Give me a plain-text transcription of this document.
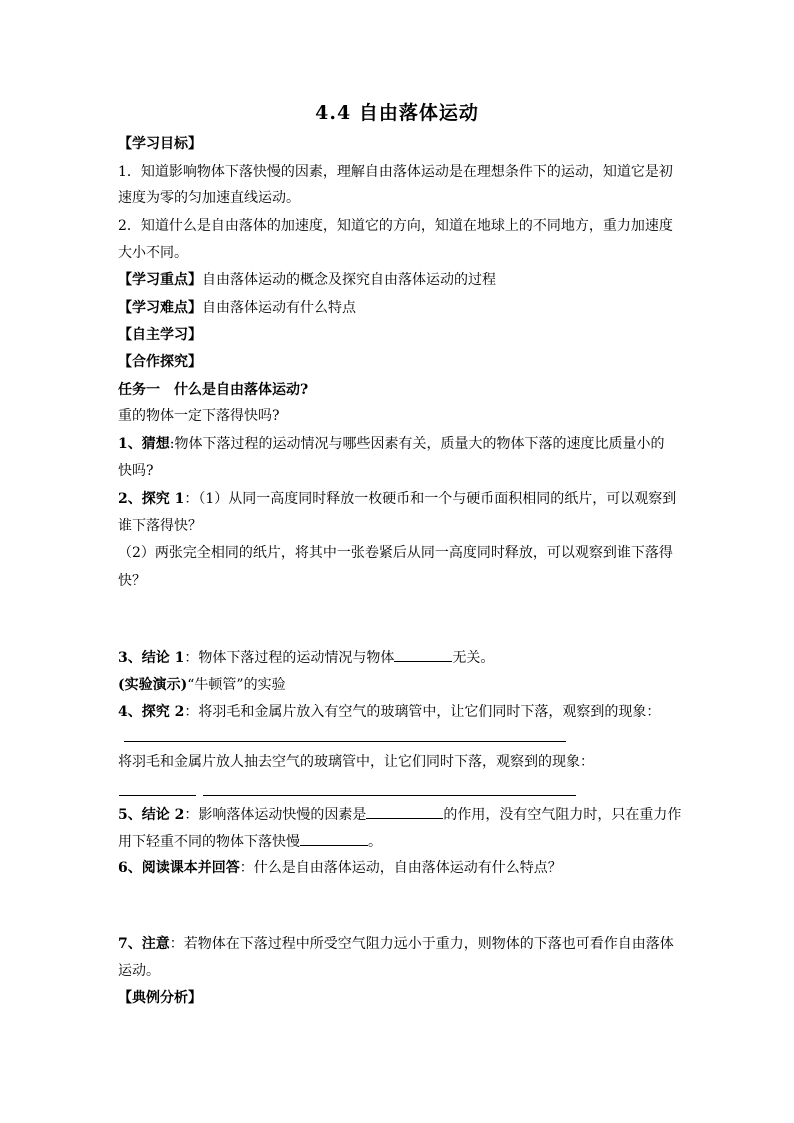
4.4 自由落体运动
【学习目标】
1．知道影响物体下落快慢的因素，理解自由落体运动是在理想条件下的运动，知道它是初
速度为零的匀加速直线运动。
2．知道什么是自由落体的加速度，知道它的方向，知道在地球上的不同地方，重力加速度
大小不同。
【学习重点】自由落体运动的概念及探究自由落体运动的过程
【学习难点】自由落体运动有什么特点
【自主学习】
【合作探究】
任务一　什么是自由落体运动?
重的物体一定下落得快吗?
1、猜想:物体下落过程的运动情况与哪些因素有关，质量大的物体下落的速度比质量小的
快吗?
2、探究 1：（1）从同一高度同时释放一枚硬币和一个与硬币面积相同的纸片，可以观察到
谁下落得快？
（2）两张完全相同的纸片，将其中一张卷紧后从同一高度同时释放，可以观察到谁下落得
快？
3、结论 1：物体下落过程的运动情况与物体	无关。
(实验演示)“牛顿管”的实验
4、探究 2：将羽毛和金属片放入有空气的玻璃管中，让它们同时下落，观察到的现象：
将羽毛和金属片放人抽去空气的玻璃管中，让它们同时下落，观察到的现象：
5、结论 2：影响落体运动快慢的因素是	的作用，没有空气阻力时，只在重力作
用下轻重不同的物体下落快慢	。
6、阅读课本并回答：什么是自由落体运动，自由落体运动有什么特点？
7、注意：若物体在下落过程中所受空气阻力远小于重力，则物体的下落也可看作自由落体
运动。
【典例分析】
